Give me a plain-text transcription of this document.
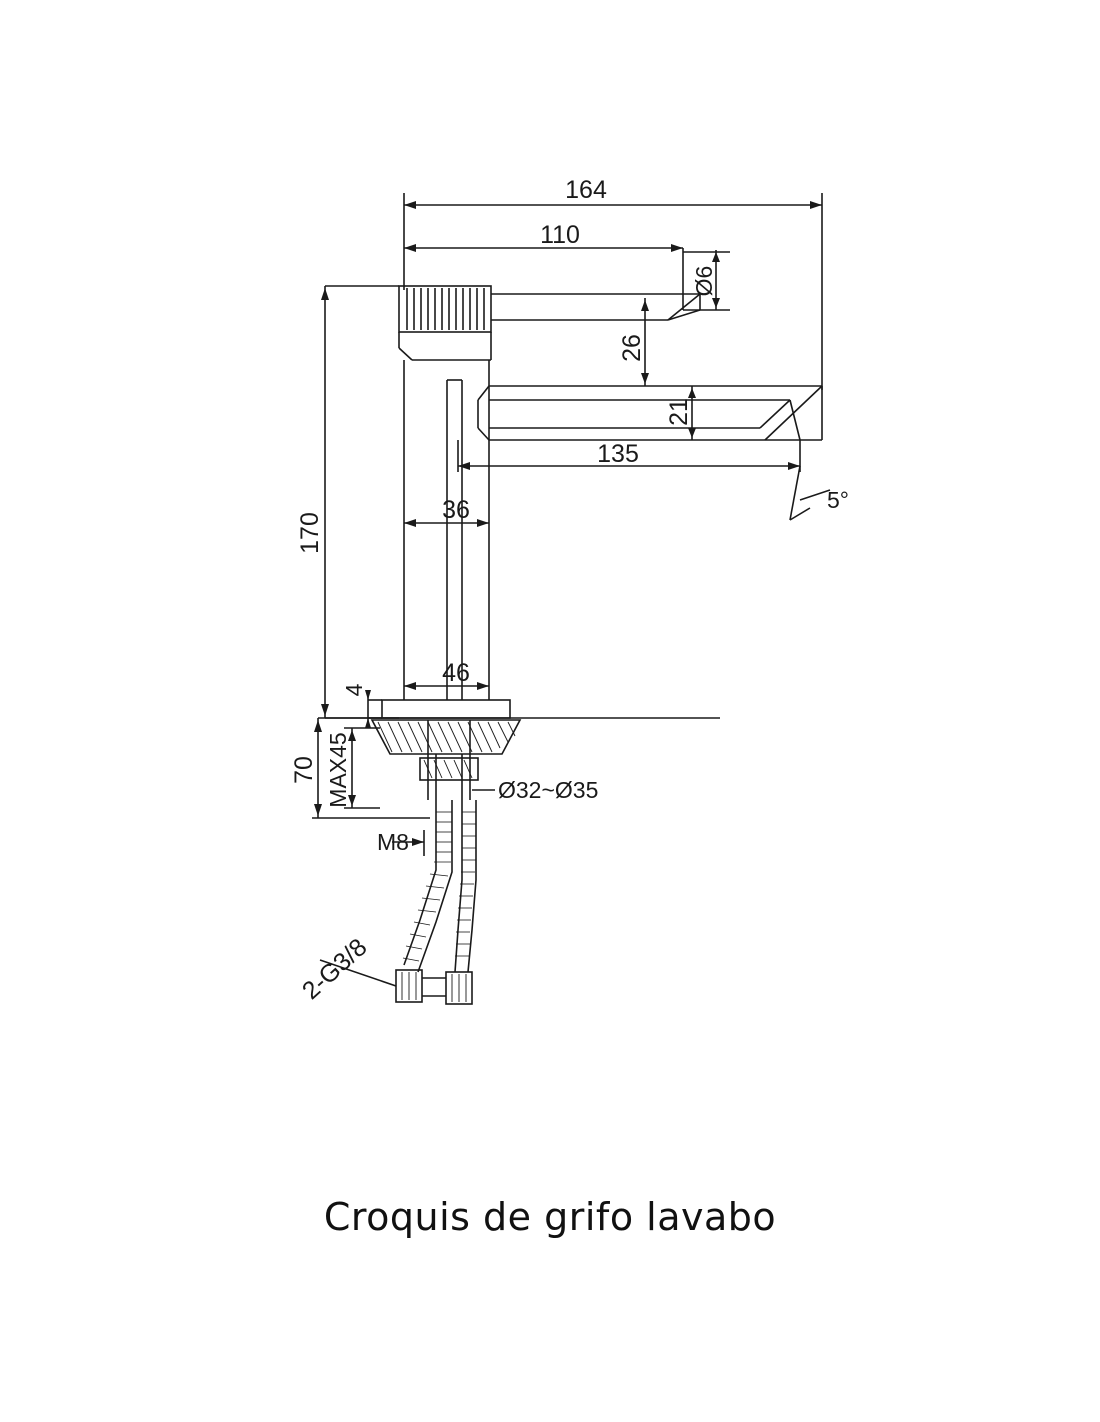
164
110
Ø6
26
21
135
5°
170
36
46
4
70 MAX45	Ø32~Ø35
M8
2-G3/8
Croquis de grifo lavabo
